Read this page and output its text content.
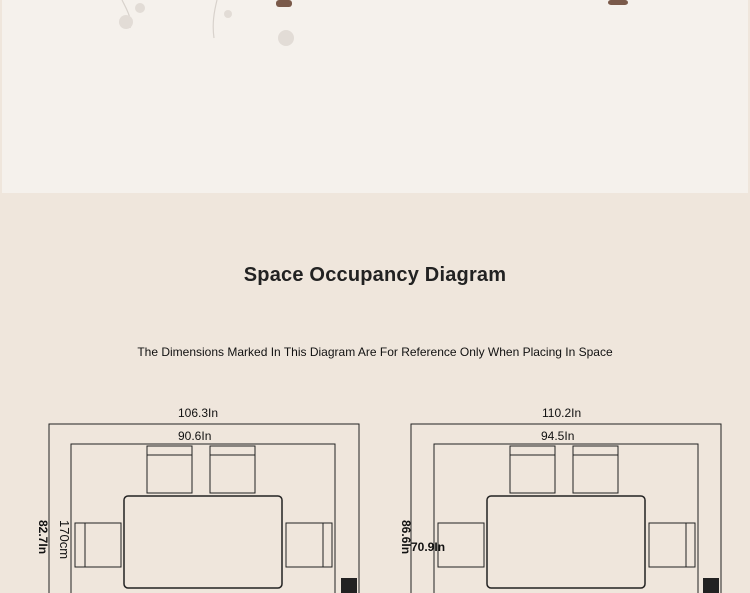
Space Occupancy Diagram
The Dimensions Marked In This Diagram Are For Reference Only When Placing In Space
106.3In
90.6In
82.7In 170cm
110.2In
94.5In
86.6In
70.9In
